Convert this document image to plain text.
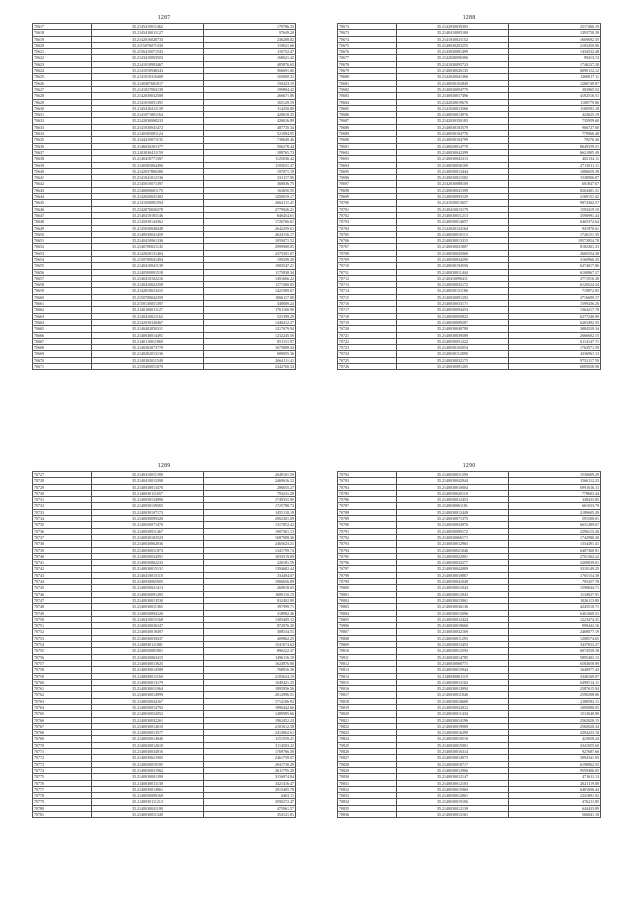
1287
70617	35.2145410011462	179786.33
70618	35.2145410011127	97649.20
70619	35.2142016028733	236208.82
70620	35.2115076071330	119021.66
70621	35.2156410071543	116752.47
70622	35.2143410003503	168621.42
70623	35.2141010993467	405876.65
70624	35.2141010946543	566691.66
70625	35.2141010316408	103000.31
70626	35.2140407681017	150423.19
70627	35.2141027004139	199804.42
70628	35.2142030032508	266671.86
70629	35.2141010051391	165129.59
70630	35.2145410411139	114250.80
70631	35.2141071801164	420618.35
70632	35.2142030068233	426016.89
70633	35.2141030041472	487735.34
70634	35.2140305081124	521094.95
70635	35.2144410071135	738649.46
70636	35.2146030201377	506278.44
70637	35.2102030411159	189765.73
70638	35.2140410771397	1125036.42
70639	35.2140305064496	1195031.37
70640	35.2142037806380	197071.19
70641	35.2141041012136	331117.96
70642	35.2145010071397	368036.75
70643	35.2140000601175	163650.55
70644	35.2142020041302	1250019.17
70645	35.2141050081594	2664111.41
70646	35.2142070026378	2779926.21
70647	35.2140410181146	846454.61
70648	35.2145030144362	1726766.61
70649	35.2145030048448	2642259.61
70650	35.2140030041459	2624116.17
70651	35.2140410061336	1059471.52
70652	35.2140700021145	2999900.05
70653	35.2142020131404	2375391.07
70654	35.2150700041494	199299.28
70655	35.2140410041139	1005547.21
70656	35.2140500091518	1175838.34
70657	35.2140410102216	1491666.22
70658	35.2140410022358	1171360.05
70659	35.2142010023415	1421509.67
70660	35.2150700042459	1066117.08
70661	35.2150130051397	348009.24
70662	35.2140160011127	1761160.90
70663	35.2140410021162	521399.29
70664	35.2142030340467	1446412.37
70665	35.2140402050311	1217679.94
70666	35.2140030014491	1232245.59
70667	35.2140110011869	851151.97
70668	35.2140302073770	1675808.34
70669	35.2140202013136	689055.36
70670	35.2140302011549	2664111.41
70671	35.2150400051070	2342760.54
1288
70672	35.2142030039305	2517466.19
70673	35.2140410005100	1393750.39
70674	35.2141030021152	1669692.35
70675	35.2140030203255	2105450.96
70676	35.2143030081499	1434532.48
70677	35.2142030090306	99413.13
70678	35.2141030095723	1746237.28
70679	35.2140030026135	6090112.12
70680	35.2142030041360	1260017.11
70681	35.2140030102849	1286749.87
70682	35.2140030094779	303965.52
70683	35.2140030017496	4192516.51
70684	35.2142030019676	1108779.86
70685	35.2141030013566	1160591.18
70686	35.2140030014976	423625.19
70687	35.2142030350183	735959.60
70688	35.2140030103579	966727.00
70689	35.2140030104776	779966.48
70690	35.2140030104799	79276.36
70691	35.2140020014770	8649359.51
70692	35.2140030042399	6621805.49
70693	35.2140030043313	402134.11
70694	35.2140030056109	2713011.11
70695	35.2140030013444	1086659.39
70696	35.2140030021582	1538906.87
70697	35.2142030088109	601847.67
70698	35.2140030041599	8264401.31
70699	35.2140030093129	2169151.42
70700	35.2141030013657	9874362.57
70701	35.2140410013179	1593419.10
70702	35.2140030011213	3596991.44
70703	35.2140030014657	6465372.64
70704	35.2142030124164	941970.61
70705	35.2140030010113	1726151.35
70706	35.2140030013315	19572854.78
70707	35.2140030021807	8182361.33
70708	35.2140030045060	2660354.30
70709	35.2140030034290	3160966.35
70710	35.2140030194556	6274017.86
70711	35.2140030011444	6100867.27
70712	35.2140410096411	3771916.30
70713	35.2140030032172	6126524.34
70714	35.2140030131186	719872.05
70715	35.2140030091292	3716699.17
70716	35.2140030033171	1599436.26
70717	35.2140030094454	1364217.78
70718	35.2140030050823	6277240.90
70719	35.2140030009287	6263492.35
70720	35.2140030040790	3084559.34
70721	35.2140030039589	2666602.15
70722	35.2140030051222	6114147.71
70723	35.2140030102054	1763571.59
70724	35.2140030112090	4336961.13
70725	35.2140030032175	9753117.59
70726	35.2140030091205	6085658.98
1289
70727	35.2140410011390	2649101.59
70728	35.2140410013390	2469616.12
70729	35.2140030013476	286655.27
70730	35.2140030111657	793231.28
70731	35.2140030134990	1749331.90
70732	35.2140030139565	1725788.73
70733	35.2140030107173	1455118.19
70734	35.2140030099328	2902301.69
70735	35.2140030071470	1317852.42
70736	35.2140030911467	1907361.13
70737	35.2140030102523	1687908.36
70738	35.2140030062036	2465623.21
70739	35.2140030011874	1341759.74
70740	35.2140030034591	1833519.69
70741	35.2140030062233	226181.59
70742	35.2140030015131	1394682.44
70743	35.2140410015110	334404.07
70744	35.2140030065905	1906656.89
70745	35.2140030021413	260818.65
70746	35.2140030091495	1689110.15
70747	35.2140030013530	832402.99
70748	35.2140030011365	397999.71
70749	35.2140030094120	318982.46
70750	35.2140410015168	1305405.12
70751	35.2140030036347	872976.20
70752	35.2140030018497	308534.51
70753	35.2140030039437	409862.25
70754	35.2140030111081	1541074.62
70755	35.2140030081901	896222.37
70756	35.2140030063415	1496116.19
70757	35.2140030013625	1624976.60
70758	35.2140030014589	768916.36
70759	35.2140030011160	2105624.19
70760	35.2140030013179	1049421.35
70761	35.2140030011064	1895956.56
70762	35.2140030014999	2012996.51
70763	35.2140030044167	1714106.92
70764	35.2140030014792	1896442.66
70765	35.2140030032052	1489985.66
70766	35.2140030032261	1962452.23
70767	35.2140030014610	2101612.58
70768	35.2140030013577	2414962.61
70769	35.2140030014946	1151559.41
70770	35.2140030012610	3114503.22
70771	35.2140030034816	1769766.58
70772	35.2140030021905	2461759.07
70773	35.2140030010195	2941730.29
70774	35.2140030031962	2611795.20
70775	35.2140030001399	3156974.84
70776	35.2140030011138	3421416.47
70777	35.2140030014961	2915405.78
70778	35.2140030099169	6463.11
70779	35.2140030111213	3590272.47
70780	35.2140030041190	475961.57
70781	35.2140030011349	354121.81
1290
70782	35.2140030011290	1530609.29
70783	35.2140030042944	1566112.23
70784	35.2140030010004	6991616.11
70785	35.2140030020110	778603.44
70786	35.2140030012453	338433.85
70787	35.2140030061181	661033.79
70788	35.2140030012449	2189605.29
70789	35.2140030071375	591500.01
70790	35.2140030034976	6631289.67
70791	35.2140030099172	2296213.26
70792	35.2140030060171	1742980.20
70793	35.2140030012965	1334491.41
70794	35.2140030021046	6407360.91
70795	35.2140030022901	2701364.22
70796	35.2140030032277	2200839.61
70797	35.2140030042009	3310149.25
70798	35.2140030010867	1765154.38
70799	35.2140030041049	795457.76
70800	35.2140030021043	1598844.71
70801	35.2140030012943	1134927.91
70802	35.2140030015861	1026113.80
70803	35.2140030036136	4245510.71
70804	35.2140030015096	6461669.31
70805	35.2140030012424	1223474.31
70806	35.2140030019660	999442.16
70807	35.2140030032169	2468077.19
70808	35.2140030011293	1208574.65
70809	35.2140030013453	3437653.27
70810	35.2140030012593	6074559.18
70811	35.2140030014785	5895403.13
70812	35.2140030060771	6584658.99
70813	35.2140030015944	1640977.43
70814	35.2140030001119	3340169.07
70815	35.2140030012102	6490514.11
70816	35.2140030013994	2587615.94
70817	35.2140030011046	2590298.86
70818	35.2140030016600	2188592.11
70819	35.2140030032012	1090080.05
70820	35.2140030011434	1513040.09
70821	35.2140030014196	2562020.15
70822	35.2140030019909	2560020.34
70823	35.2140030016299	3294223.10
70824	35.2140030010510	423659.24
70825	35.2140030015901	2341055.60
70826	35.2140030016314	927687.66
70827	35.2140030014973	3994341.95
70828	35.2140030010717	6198962.55
70829	35.2140030012966	9559406.05
70830	35.2140030012147	471611.13
70831	35.2140030012103	2621119.08
70832	35.2140030015969	6401696.44
70833	35.2140030012861	2341891.92
70834	35.2140030019106	476211.85
70835	35.2140030012139	644433.89
70836	35.2140030013161	566841.18
